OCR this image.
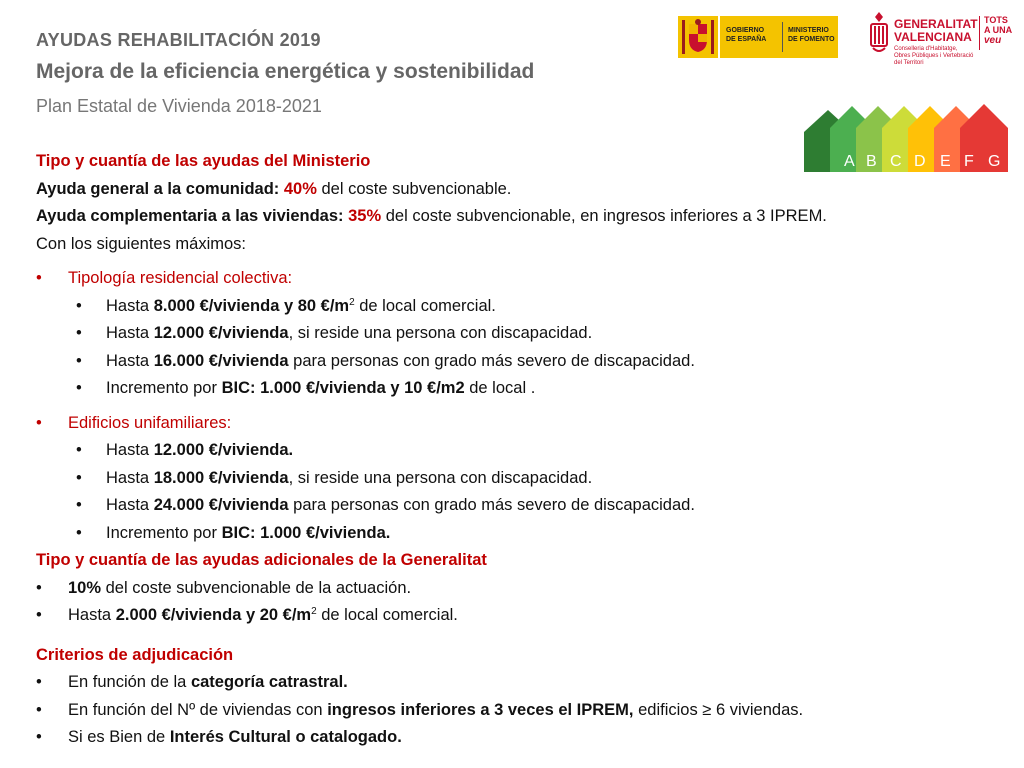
AYUDAS REHABILITACIÓN 2019
Mejora de la eficiencia energética y sostenibilidad
Plan Estatal de Vivienda 2018-2021
GOBIERNO
DE ESPAÑA
MINISTERIO
DE FOMENTO
GENERALITAT
VALENCIANA
Conselleria d'Habitatge,
Obres Públiques i Vertebració
del Territori
TOTS
A UNA
veu
A B C D E F G
Tipo y cuantía de las ayudas del Ministerio
Ayuda general a la comunidad: 40% del coste subvencionable.
Ayuda complementaria a las viviendas: 35% del coste subvencionable, en ingresos inferiores a 3 IPREM.
Con los siguientes máximos:
• Tipología residencial colectiva:
• Hasta 8.000 €/vivienda y 80 $€/m^2$ de local comercial.
• Hasta 12.000 €/vivienda, si reside una persona con discapacidad.
• Hasta 16.000 €/vivienda para personas con grado más severo de discapacidad.
• Incremento por BIC: 1.000 €/vivienda y 10 €/m2 de local .
• Edificios unifamiliares:
• Hasta 12.000 €/vivienda.
• Hasta 18.000 €/vivienda, si reside una persona con discapacidad.
• Hasta 24.000 €/vivienda para personas con grado más severo de discapacidad.
• Incremento por BIC: 1.000 €/vivienda.
Tipo y cuantía de las ayudas adicionales de la Generalitat
• 10% del coste subvencionable de la actuación.
• Hasta 2.000 €/vivienda y 20 $€/m^2$ de local comercial.
Criterios de adjudicación
• En función de la categoría catrastral.
• En función del Nº de viviendas con ingresos inferiores a 3 veces el IPREM, edificios ≥ 6 viviendas.
• Si es Bien de Interés Cultural o catalogado.
